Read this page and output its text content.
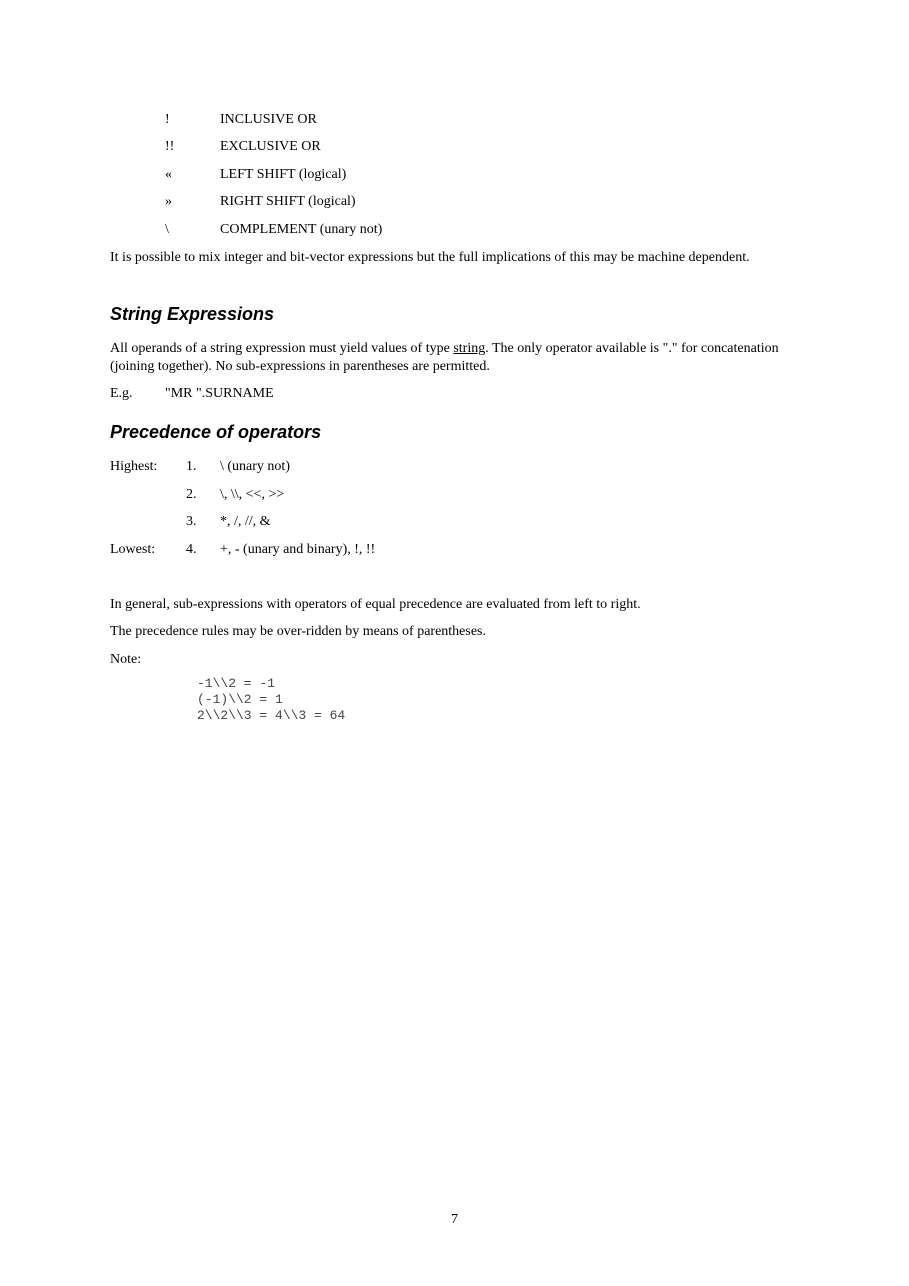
!	INCLUSIVE OR
!!	EXCLUSIVE OR
«	LEFT SHIFT (logical)
»	RIGHT SHIFT (logical)
\	COMPLEMENT (unary not)
It is possible to mix integer and bit-vector expressions but the full implications of this may be machine dependent.
String Expressions
All operands of a string expression must yield values of type string. The only operator available is "." for concatenation (joining together). No sub-expressions in parentheses are permitted.
E.g. "MR ".SURNAME
Precedence of operators
Highest: 1. \ (unary not)
2. \, \\, <<, >>
3. *, /, //, &
Lowest: 4. +, - (unary and binary), !, !!
In general, sub-expressions with operators of equal precedence are evaluated from left to right.
The precedence rules may be over-ridden by means of parentheses.
Note:
-1\\2 = -1
(-1)\\2 = 1
2\\2\\3 = 4\\3 = 64
7
